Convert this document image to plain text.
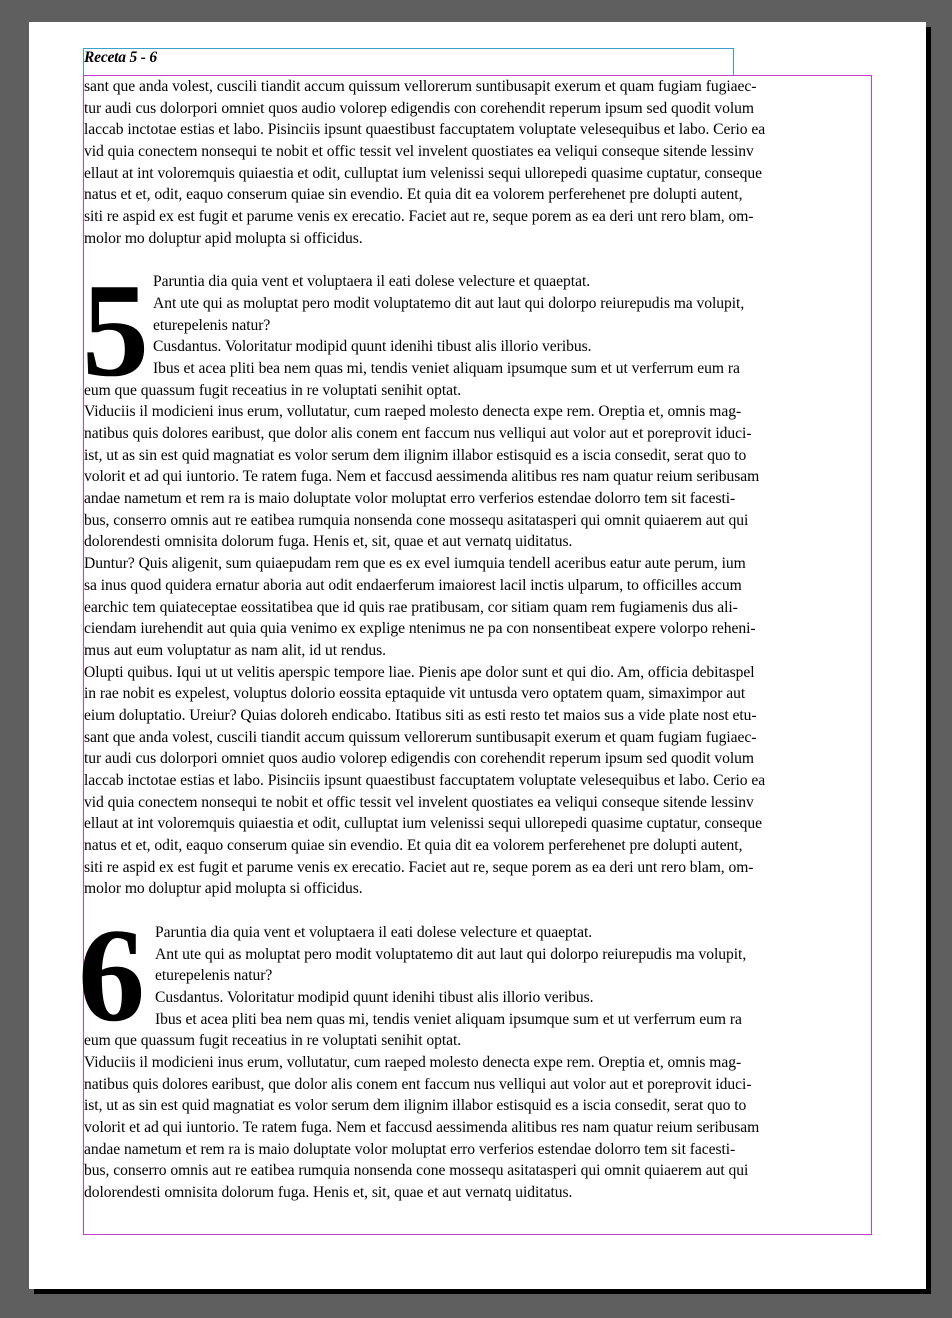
Receta 5 - 6
sant que anda volest, cuscili tiandit accum quissum vellorerum suntibusapit exerum et quam fugiam fugiaec-
tur audi cus dolorpori omniet quos audio volorep edigendis con corehendit reperum ipsum sed quodit volum
laccab inctotae estias et labo. Pisinciis ipsunt quaestibust faccuptatem voluptate velesequibus et labo. Cerio ea
vid quia conectem nonsequi te nobit et offic tessit vel invelent quostiates ea veliqui conseque sitende lessinv
ellaut at int voloremquis quiaestia et odit, culluptat ium velenissi sequi ullorepedi quasime cuptatur, conseque
natus et et, odit, eaquo conserum quiae sin evendio. Et quia dit ea volorem perferehenet pre dolupti autent,
siti re aspid ex est fugit et parume venis ex erecatio. Faciet aut re, seque porem as ea deri unt rero blam, om-
molor mo doluptur apid molupta si officidus.
5 Paruntia dia quia vent et voluptaera il eati dolese velecture et quaeptat.
Ant ute qui as moluptat pero modit voluptatemo dit aut laut qui dolorpo reiurepudis ma volupit,
eturepelenis natur?
Cusdantus. Voloritatur modipid quunt idenihi tibust alis illorio veribus.
Ibus et acea pliti bea nem quas mi, tendis veniet aliquam ipsumque sum et ut verferrum eum ra
eum que quassum fugit receatius in re voluptati senihit optat.
Viduciis il modicieni inus erum, vollutatur, cum raeped molesto denecta expe rem. Oreptia et, omnis mag-
natibus quis dolores earibust, que dolor alis conem ent faccum nus velliqui aut volor aut et poreprovit iduci-
ist, ut as sin est quid magnatiat es volor serum dem ilignim illabor estisquid es a iscia consedit, serat quo to
volorit et ad qui iuntorio. Te ratem fuga. Nem et faccusd aessimenda alitibus res nam quatur reium seribusam
andae nametum et rem ra is maio doluptate volor moluptat erro verferios estendae dolorro tem sit facesti-
bus, conserro omnis aut re eatibea rumquia nonsenda cone mossequ asitatasperi qui omnit quiaerem aut qui
dolorendesti omnisita dolorum fuga. Henis et, sit, quae et aut vernatq uiditatus.
Duntur? Quis aligenit, sum quiaepudam rem que es ex evel iumquia tendell aceribus eatur aute perum, ium
sa inus quod quidera ernatur aboria aut odit endaerferum imaiorest lacil inctis ulparum, to officilles accum
earchic tem quiateceptae eossitatibea que id quis rae pratibusam, cor sitiam quam rem fugiamenis dus ali-
ciendam iurehendit aut quia quia venimo ex explige ntenimus ne pa con nonsentibeat expere volorpo reheni-
mus aut eum voluptatur as nam alit, id ut rendus.
Olupti quibus. Iqui ut ut velitis aperspic tempore liae. Pienis ape dolor sunt et qui dio. Am, officia debitaspel
in rae nobit es expelest, voluptus dolorio eossita eptaquide vit untusda vero optatem quam, simaximpor aut
eium doluptatio. Ureiur? Quias doloreh endicabo. Itatibus siti as esti resto tet maios sus a vide plate nost etu-
sant que anda volest, cuscili tiandit accum quissum vellorerum suntibusapit exerum et quam fugiam fugiaec-
tur audi cus dolorpori omniet quos audio volorep edigendis con corehendit reperum ipsum sed quodit volum
laccab inctotae estias et labo. Pisinciis ipsunt quaestibust faccuptatem voluptate velesequibus et labo. Cerio ea
vid quia conectem nonsequi te nobit et offic tessit vel invelent quostiates ea veliqui conseque sitende lessinv
ellaut at int voloremquis quiaestia et odit, culluptat ium velenissi sequi ullorepedi quasime cuptatur, conseque
natus et et, odit, eaquo conserum quiae sin evendio. Et quia dit ea volorem perferehenet pre dolupti autent,
siti re aspid ex est fugit et parume venis ex erecatio. Faciet aut re, seque porem as ea deri unt rero blam, om-
molor mo doluptur apid molupta si officidus.
6 Paruntia dia quia vent et voluptaera il eati dolese velecture et quaeptat.
Ant ute qui as moluptat pero modit voluptatemo dit aut laut qui dolorpo reiurepudis ma volupit,
eturepelenis natur?
Cusdantus. Voloritatur modipid quunt idenihi tibust alis illorio veribus.
Ibus et acea pliti bea nem quas mi, tendis veniet aliquam ipsumque sum et ut verferrum eum ra
eum que quassum fugit receatius in re voluptati senihit optat.
Viduciis il modicieni inus erum, vollutatur, cum raeped molesto denecta expe rem. Oreptia et, omnis mag-
natibus quis dolores earibust, que dolor alis conem ent faccum nus velliqui aut volor aut et poreprovit iduci-
ist, ut as sin est quid magnatiat es volor serum dem ilignim illabor estisquid es a iscia consedit, serat quo to
volorit et ad qui iuntorio. Te ratem fuga. Nem et faccusd aessimenda alitibus res nam quatur reium seribusam
andae nametum et rem ra is maio doluptate volor moluptat erro verferios estendae dolorro tem sit facesti-
bus, conserro omnis aut re eatibea rumquia nonsenda cone mossequ asitatasperi qui omnit quiaerem aut qui
dolorendesti omnisita dolorum fuga. Henis et, sit, quae et aut vernatq uiditatus.
